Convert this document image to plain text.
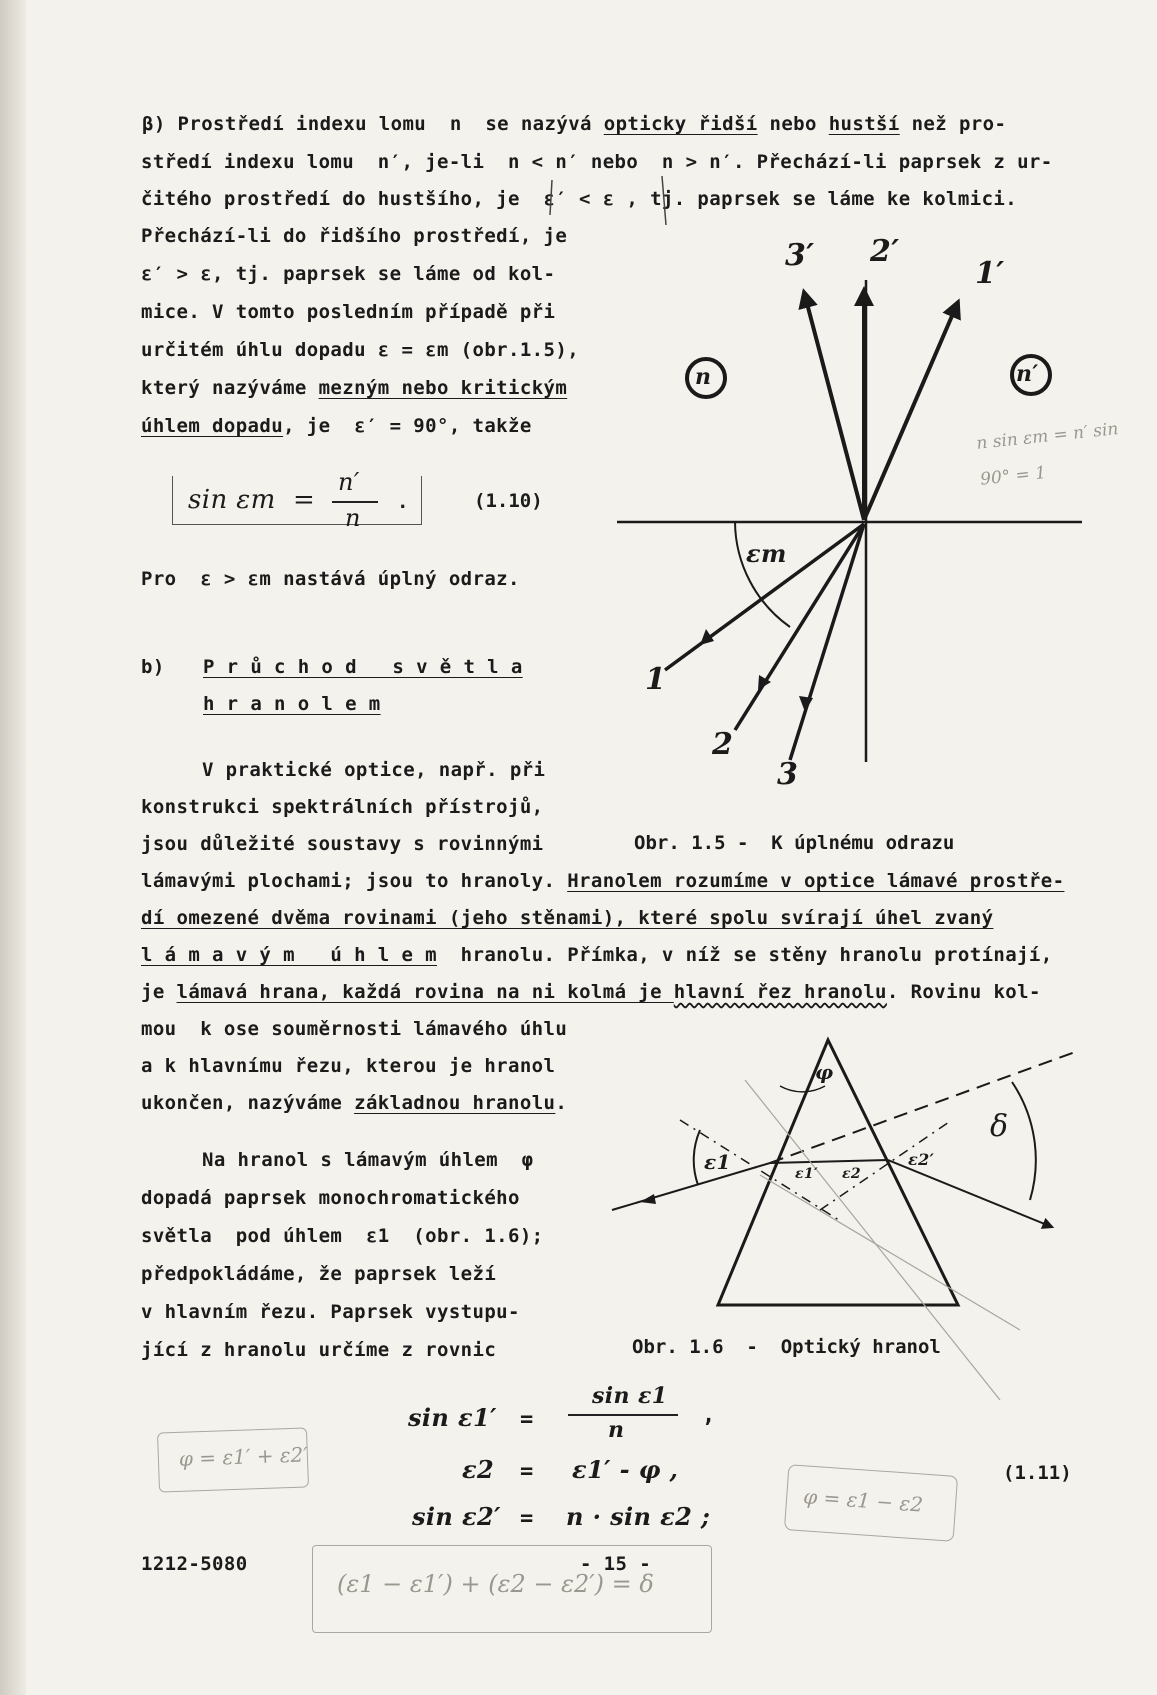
β) Prostředí indexu lomu  n  se nazývá opticky řidší nebo hustší než pro-
středí indexu lomu  n′, je-li  n < n′ nebo  n > n′. Přechází-li paprsek z ur-
čitého prostředí do hustšího, je  ε′ < ε , tj. paprsek se láme ke kolmici.
Přechází-li do řidšího prostředí, je
ε′ > ε, tj. paprsek se láme od kol-
mice. V tomto posledním případě při
určitém úhlu dopadu ε = εm (obr.1.5),
který nazýváme mezným nebo kritickým
úhlem dopadu, je  ε′ = 90°, takže
sin εm  =
n′
n
.	(1.10)
Pro  ε > εm nastává úplný odraz.
b) P r ů c h o d   s v ě t l a
h r a n o l e m
V praktické optice, např. při
konstrukci spektrálních přístrojů,
jsou důležité soustavy s rovinnými
lámavými plochami; jsou to hranoly. Hranolem rozumíme v optice lámavé prostře-
dí omezené dvěma rovinami (jeho stěnami), které spolu svírají úhel zvaný
l á m a v ý m   ú h l e m  hranolu. Přímka, v níž se stěny hranolu protínají,
je lámavá hrana, každá rovina na ni kolmá je hlavní řez hranolu. Rovinu kol-
mou  k ose souměrnosti lámavého úhlu
a k hlavnímu řezu, kterou je hranol
ukončen, nazýváme základnou hranolu.
Na hranol s lámavým úhlem  φ
dopadá paprsek monochromatického
světla  pod úhlem  ε1  (obr. 1.6);
předpokládáme, že paprsek leží
v hlavním řezu. Paprsek vystupu-
jící z hranolu určíme z rovnic
n	n′
1
2
3
3′ 2′
1′
εm
n sin εm = n′ sin 90° = 1
Obr. 1.5 -  K úplnému odrazu
φ
δ
ε1	ε1′ ε2
ε2′
Obr. 1.6  -  Optický hranol
sin ε1′ =
sin ε1
n
,
ε2 = ε1′ - φ ,
sin ε2′ = n · sin ε2 ;
(1.11)
φ = ε1′ + ε2′
φ = ε1 − ε2
(ε1 − ε1′) + (ε2 − ε2′) = δ
1212-5080	- 15 -
